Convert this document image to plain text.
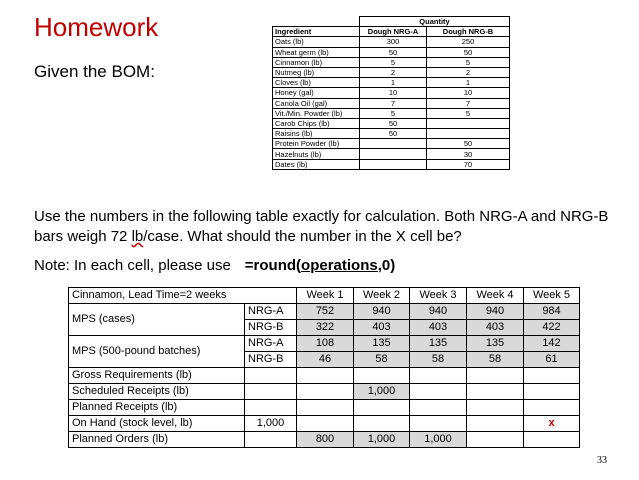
Homework
Given the BOM:
	Quantity	
Ingredient	Dough NRG-A	Dough NRG-B
Oats (lb)	300	250
Wheat germ (lb)	50	50
Cinnamon (lb)	5	5
Nutmeg (lb)	2	2
Cloves (lb)	1	1
Honey (gal)	10	10
Canola Oil (gal)	7	7
Vit./Min. Powder (lb)	5	5
Carob Chips (lb)	50	
Raisins (lb)	50	
Protein Powder (lb)		50
Hazelnuts (lb)		30
Dates (lb)		70
Use the numbers in the following table exactly for calculation. Both NRG-A and NRG-B
bars weigh 72 lb/case. What should the number in the X cell be?
Note: In each cell, please use =round(operations,0)
Cinnamon, Lead Time=2 weeks		Week 1	Week 2	Week 3	Week 4	Week 5
MPS (cases)	NRG-A	752	940	940	940	984
	NRG-B	322	403	403	403	422
MPS (500-pound batches)	NRG-A	108	135	135	135	142
	NRG-B	46	58	58	58	61
Gross Requirements (lb)						
Scheduled Receipts (lb)			1,000			
Planned Receipts (lb)						
On Hand (stock level, lb)	1,000					x
Planned Orders (lb)		800	1,000	1,000		
33
